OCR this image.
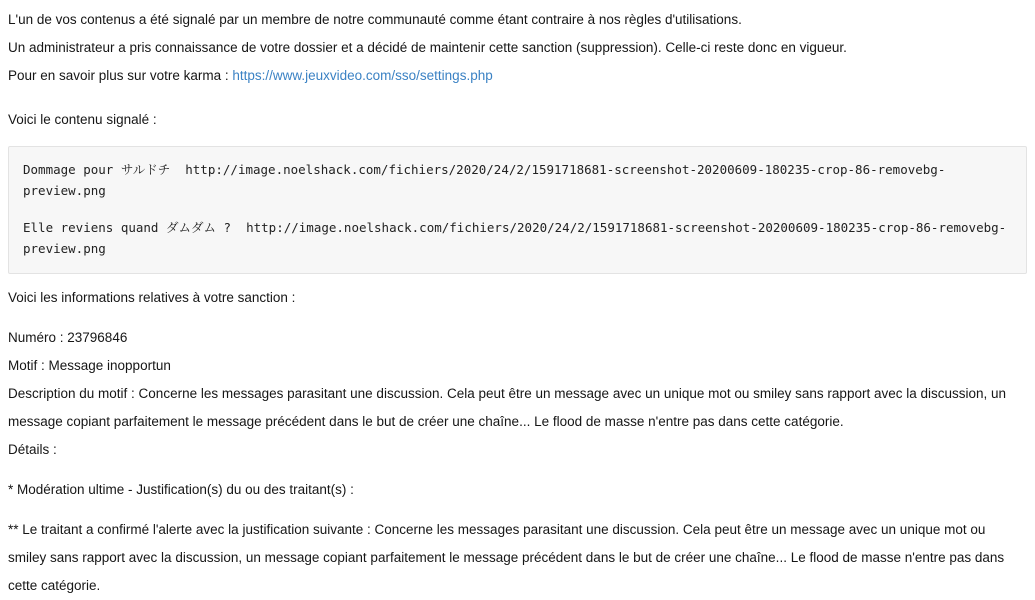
L'un de vos contenus a été signalé par un membre de notre communauté comme étant contraire à nos règles d'utilisations.

Un administrateur a pris connaissance de votre dossier et a décidé de maintenir cette sanction (suppression). Celle-ci reste donc en vigueur.

Pour en savoir plus sur votre karma : https://www.jeuxvideo.com/sso/settings.php

Voici le contenu signalé :

Dommage pour サルドチ  http://image.noelshack.com/fichiers/2020/24/2/1591718681-screenshot-20200609-180235-crop-86-removebg-preview.png
Elle reviens quand ダムダム ?  http://image.noelshack.com/fichiers/2020/24/2/1591718681-screenshot-20200609-180235-crop-86-removebg-preview.png

Voici les informations relatives à votre sanction :

Numéro : 23796846

Motif : Message inopportun

Description du motif : Concerne les messages parasitant une discussion. Cela peut être un message avec un unique mot ou smiley sans rapport avec la discussion, un message copiant parfaitement le message précédent dans le but de créer une chaîne... Le flood de masse n'entre pas dans cette catégorie.

Détails :

* Modération ultime - Justification(s) du ou des traitant(s) :

** Le traitant a confirmé l'alerte avec la justification suivante : Concerne les messages parasitant une discussion. Cela peut être un message avec un unique mot ou smiley sans rapport avec la discussion, un message copiant parfaitement le message précédent dans le but de créer une chaîne... Le flood de masse n'entre pas dans cette catégorie.
